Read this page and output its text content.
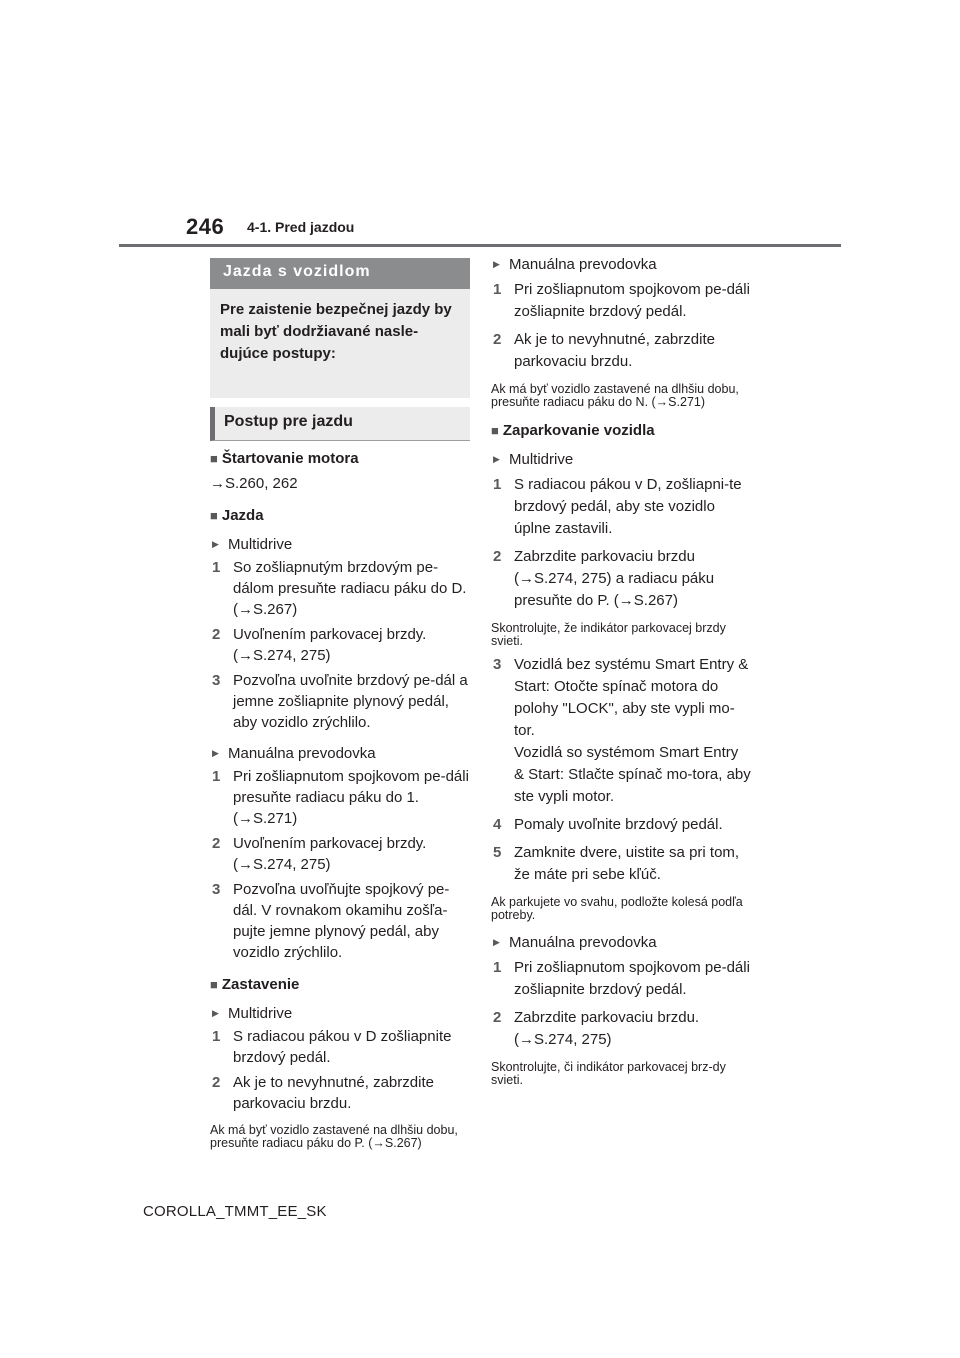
246 4-1. Pred jazdou
Jazda s vozidlom
Pre zaistenie bezpečnej jazdy by mali byť dodržiavané nasle-dujúce postupy:
Postup pre jazdu
■ Štartovanie motora
→S.260, 262
■ Jazda
▶ Multidrive
1 So zošliapnutým brzdovým pe-dálom presuňte radiacu páku do D. (→S.267)
2 Uvoľnením parkovacej brzdy. (→S.274, 275)
3 Pozvoľna uvoľnite brzdový pe-dál a jemne zošliapnite plynový pedál, aby vozidlo zrýchlilo.
▶ Manuálna prevodovka
1 Pri zošliapnutom spojkovom pe-dáli presuňte radiacu páku do 1. (→S.271)
2 Uvoľnením parkovacej brzdy. (→S.274, 275)
3 Pozvoľna uvoľňujte spojkový pe-dál. V rovnakom okamihu zošľa-pujte jemne plynový pedál, aby vozidlo zrýchlilo.
■ Zastavenie
▶ Multidrive
1 S radiacou pákou v D zošliapnite brzdový pedál.
2 Ak je to nevyhnutné, zabrzdite parkovaciu brzdu.
Ak má byť vozidlo zastavené na dlhšiu dobu, presuňte radiacu páku do P. (→S.267)
▶ Manuálna prevodovka
1 Pri zošliapnutom spojkovom pe-dáli zošliapnite brzdový pedál.
2 Ak je to nevyhnutné, zabrzdite parkovaciu brzdu.
Ak má byť vozidlo zastavené na dlhšiu dobu, presuňte radiacu páku do N. (→S.271)
■ Zaparkovanie vozidla
▶ Multidrive
1 S radiacou pákou v D, zošliapni-te brzdový pedál, aby ste vozidlo úplne zastavili.
2 Zabrzdite parkovaciu brzdu (→S.274, 275) a radiacu páku presuňte do P. (→S.267)
Skontrolujte, že indikátor parkovacej brzdy svieti.
3 Vozidlá bez systému Smart Entry & Start: Otočte spínač motora do polohy "LOCK", aby ste vypli mo-tor.
Vozidlá so systémom Smart Entry & Start: Stlačte spínač mo-tora, aby ste vypli motor.
4 Pomaly uvoľnite brzdový pedál.
5 Zamknite dvere, uistite sa pri tom, že máte pri sebe kľúč.
Ak parkujete vo svahu, podložte kolesá podľa potreby.
▶ Manuálna prevodovka
1 Pri zošliapnutom spojkovom pe-dáli zošliapnite brzdový pedál.
2 Zabrzdite parkovaciu brzdu. (→S.274, 275)
Skontrolujte, či indikátor parkovacej brz-dy svieti.
COROLLA_TMMT_EE_SK
